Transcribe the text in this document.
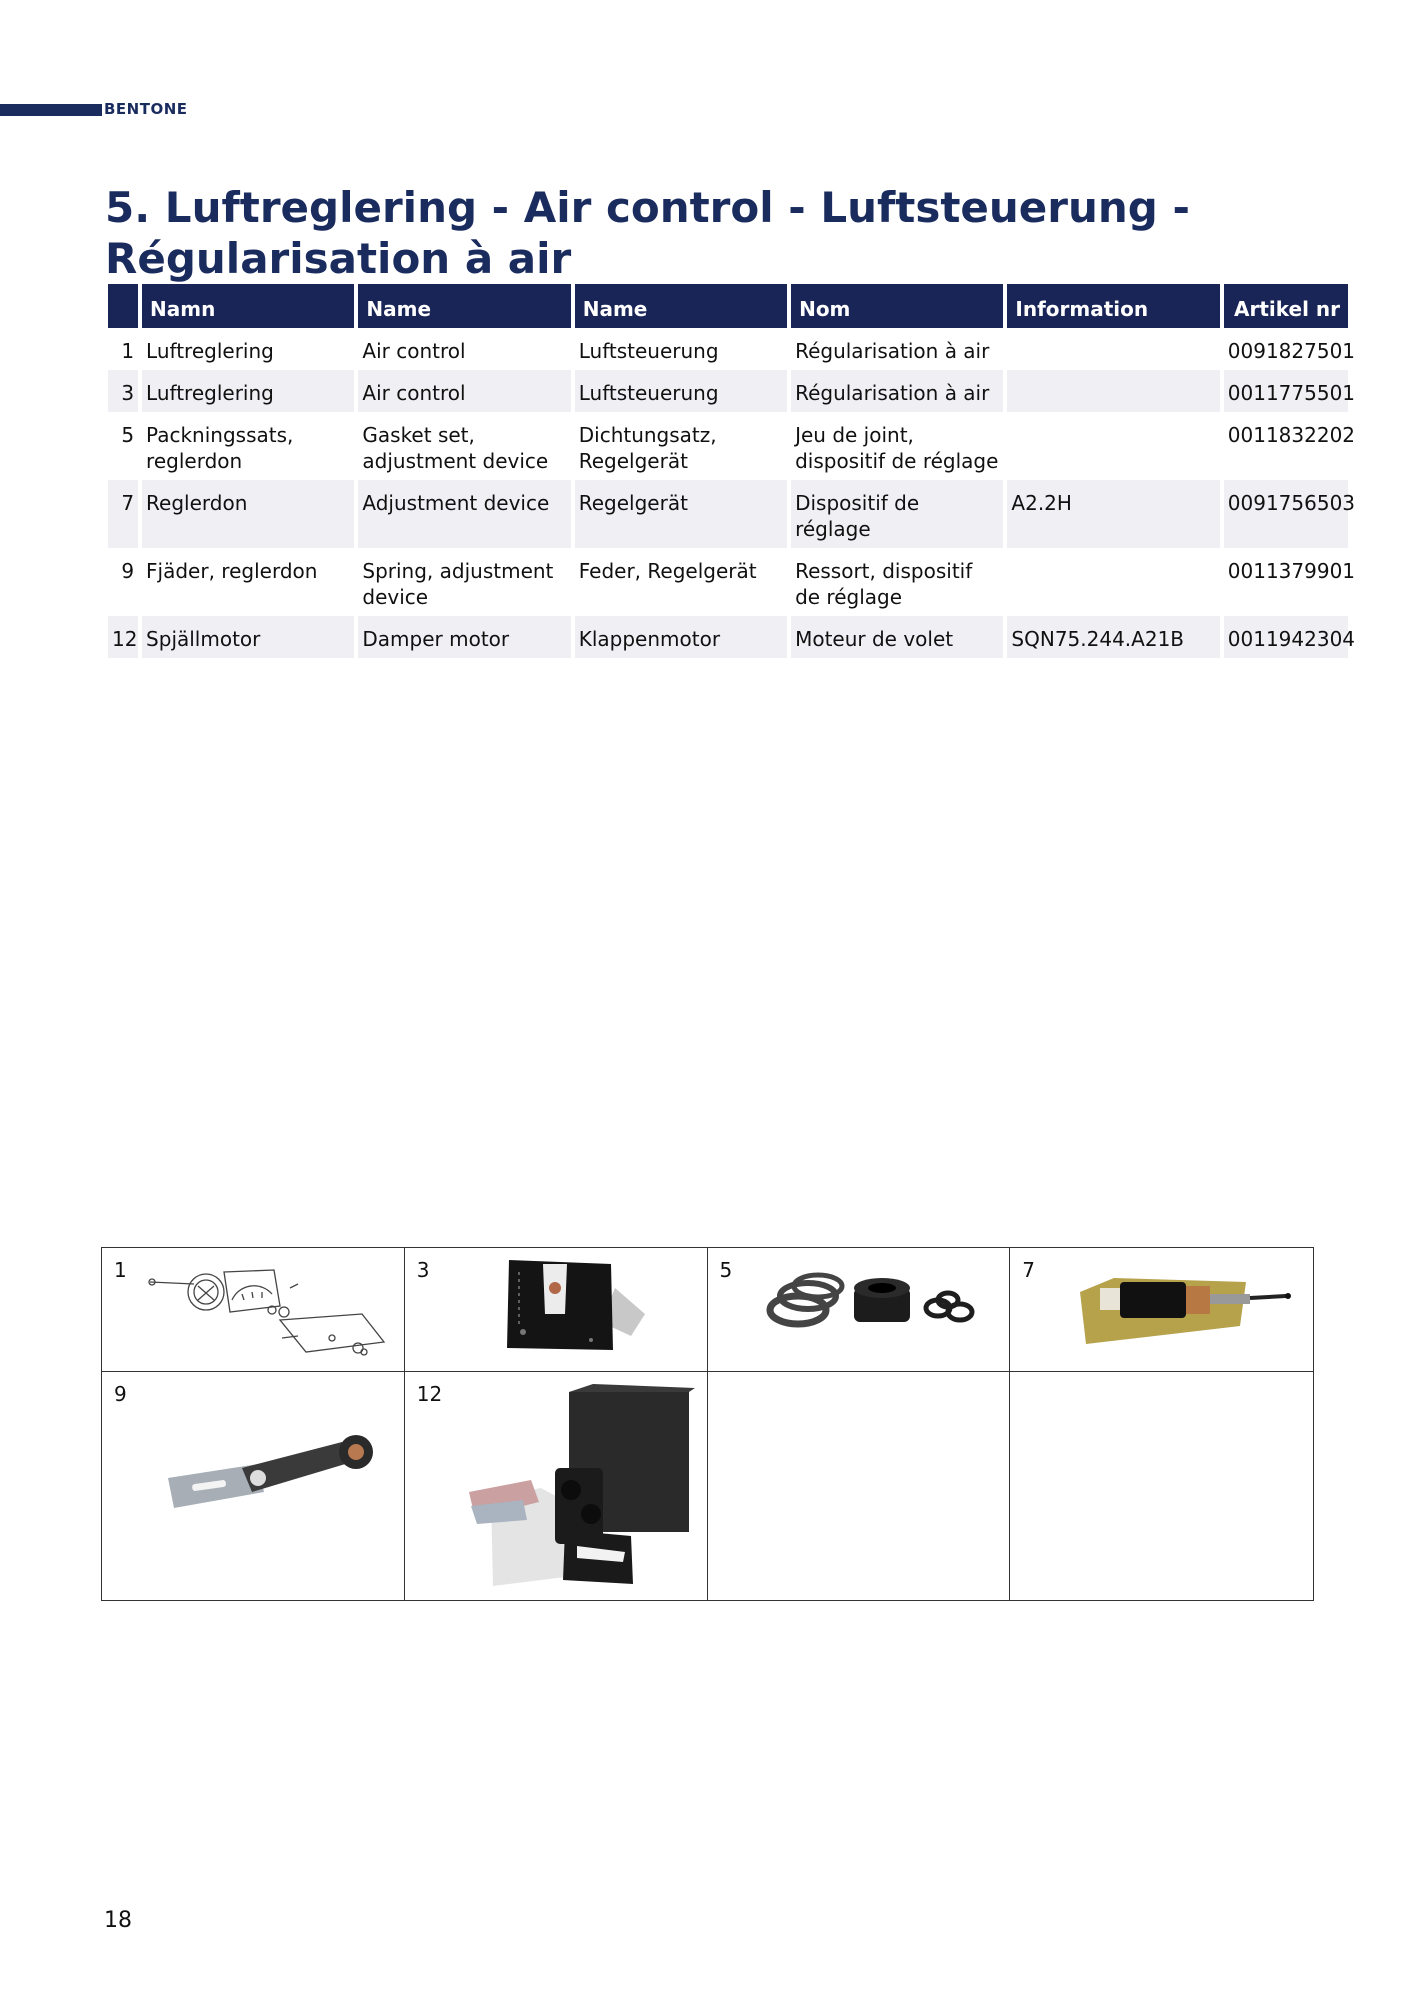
BENTONE
5. Luftreglering - Air control - Luftsteuerung - Régularisation à air
	Namn	Name	Name	Nom	Information	Artikel nr
1	Luftreglering	Air control	Luftsteuerung	Régularisation à air		0091827501
3	Luftreglering	Air control	Luftsteuerung	Régularisation à air		0011775501
5	Packningssats, reglerdon	Gasket set, adjustment device	Dichtungsatz, Regelgerät	Jeu de joint, dispositif de réglage		0011832202
7	Reglerdon	Adjustment device	Regelgerät	Dispositif de réglage	A2.2H	0091756503
9	Fjäder, reglerdon	Spring, adjustment device	Feder, Regelgerät	Ressort, dispositif de réglage		0011379901
12	Spjällmotor	Damper motor	Klappenmotor	Moteur de volet	SQN75.244.A21B	0011942304
1	3	5	7
9	12
18
